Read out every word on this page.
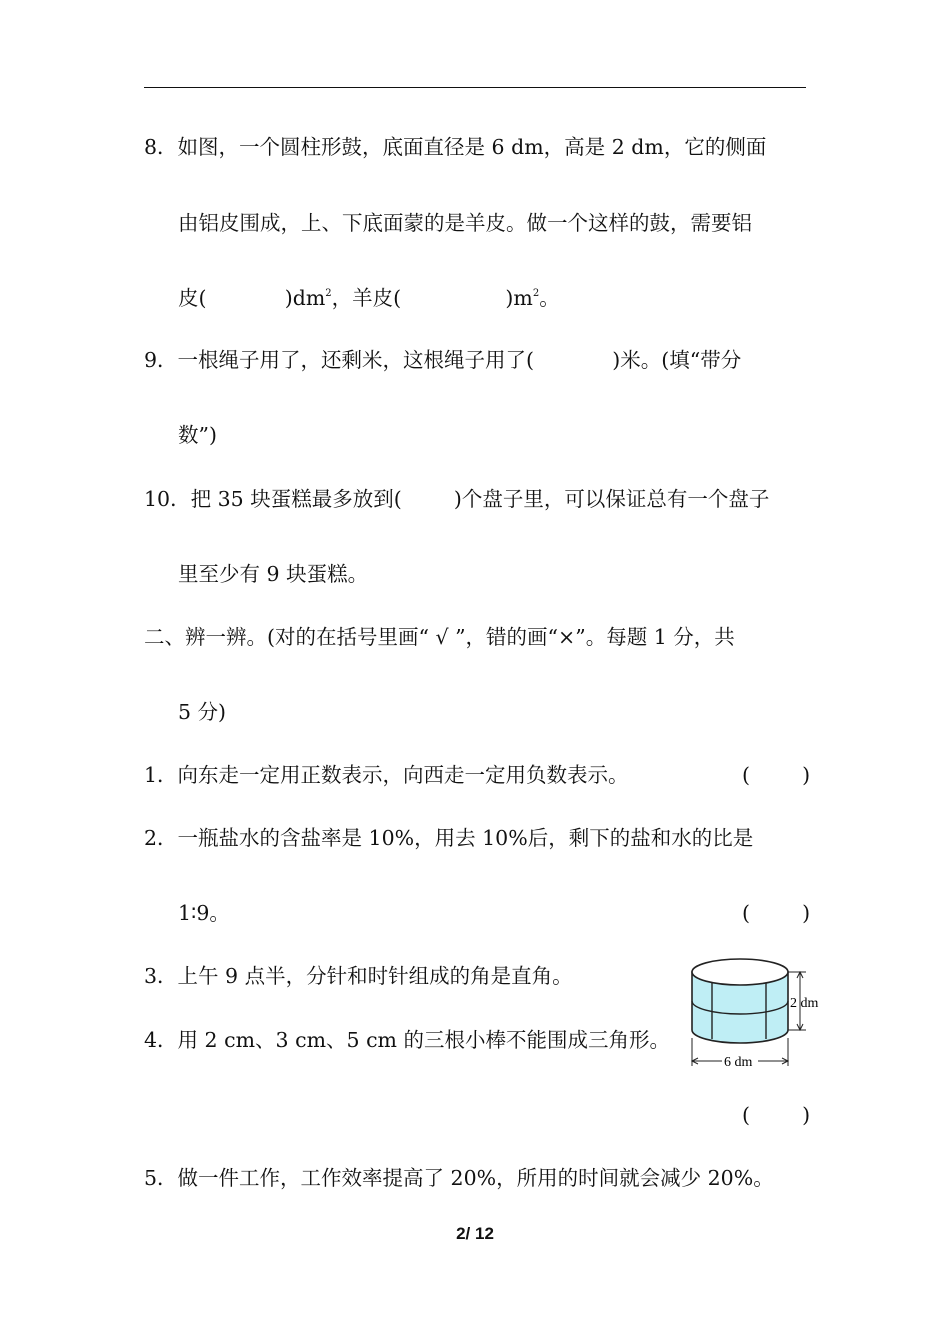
8．如图，一个圆柱形鼓，底面直径是 6 dm，高是 2 dm，它的侧面
由铝皮围成，上、下底面蒙的是羊皮。做一个这样的鼓，需要铝
皮(            )$dm^2$，羊皮(                )$m^2$。
9．一根绳子用了，还剩米，这根绳子用了(            )米。(填“带分
数”)
10．把 35 块蛋糕最多放到(        )个盘子里，可以保证总有一个盘子
里至少有 9 块蛋糕。
二、辨一辨。(对的在括号里画“ √ ”，错的画“×”。每题 1 分，共
5 分)
1．向东走一定用正数表示，向西走一定用负数表示。	(        )
2．一瓶盐水的含盐率是 10%，用去 10%后，剩下的盐和水的比是
1∶9。	(        )
3．上午 9 点半，分针和时针组成的角是直角。
4．用 2 cm、3 cm、5 cm 的三根小棒不能围成三角形。
(        )
5．做一件工作，工作效率提高了 20%，所用的时间就会减少 20%。
2 dm
6 dm
2/ 12
